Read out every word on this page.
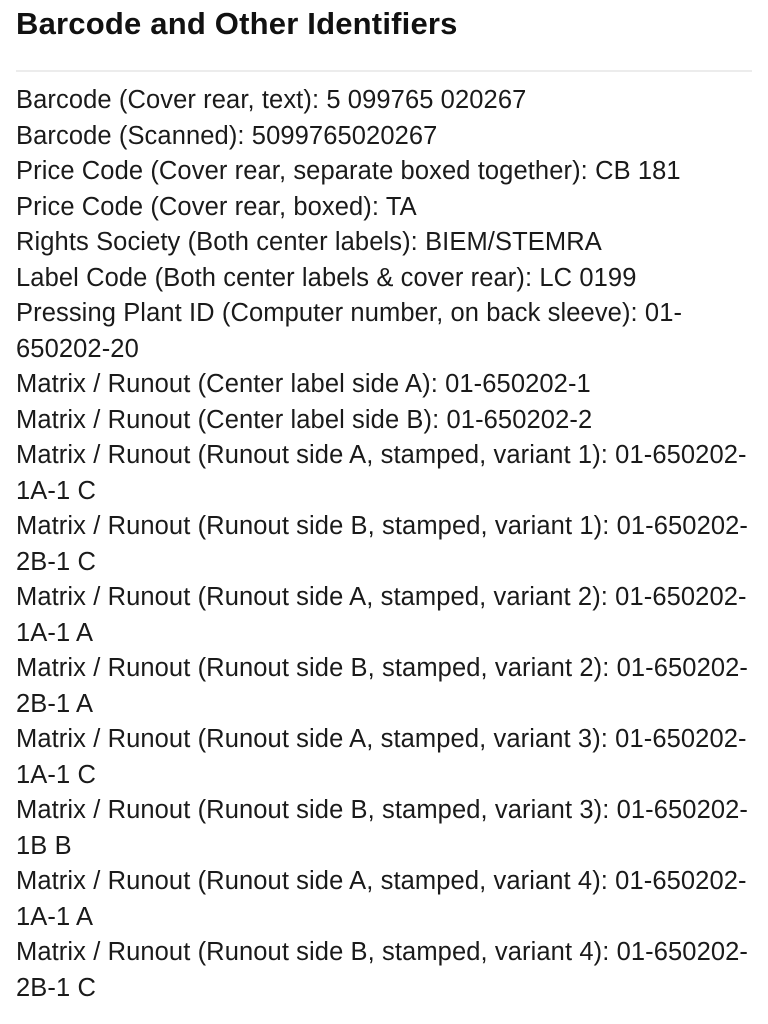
Barcode and Other Identifiers
Barcode (Cover rear, text): 5 099765 020267
Barcode (Scanned): 5099765020267
Price Code (Cover rear, separate boxed together): CB 181
Price Code (Cover rear, boxed): TA
Rights Society (Both center labels): BIEM/STEMRA
Label Code (Both center labels & cover rear): LC 0199
Pressing Plant ID (Computer number, on back sleeve): 01-650202-20
Matrix / Runout (Center label side A): 01-650202-1
Matrix / Runout (Center label side B): 01-650202-2
Matrix / Runout (Runout side A, stamped, variant 1): 01-650202-1A-1 C
Matrix / Runout (Runout side B, stamped, variant 1): 01-650202-2B-1 C
Matrix / Runout (Runout side A, stamped, variant 2): 01-650202-1A-1 A
Matrix / Runout (Runout side B, stamped, variant 2): 01-650202-2B-1 A
Matrix / Runout (Runout side A, stamped, variant 3): 01-650202-1A-1 C
Matrix / Runout (Runout side B, stamped, variant 3): 01-650202-1B B
Matrix / Runout (Runout side A, stamped, variant 4): 01-650202-1A-1 A
Matrix / Runout (Runout side B, stamped, variant 4): 01-650202-2B-1 C
